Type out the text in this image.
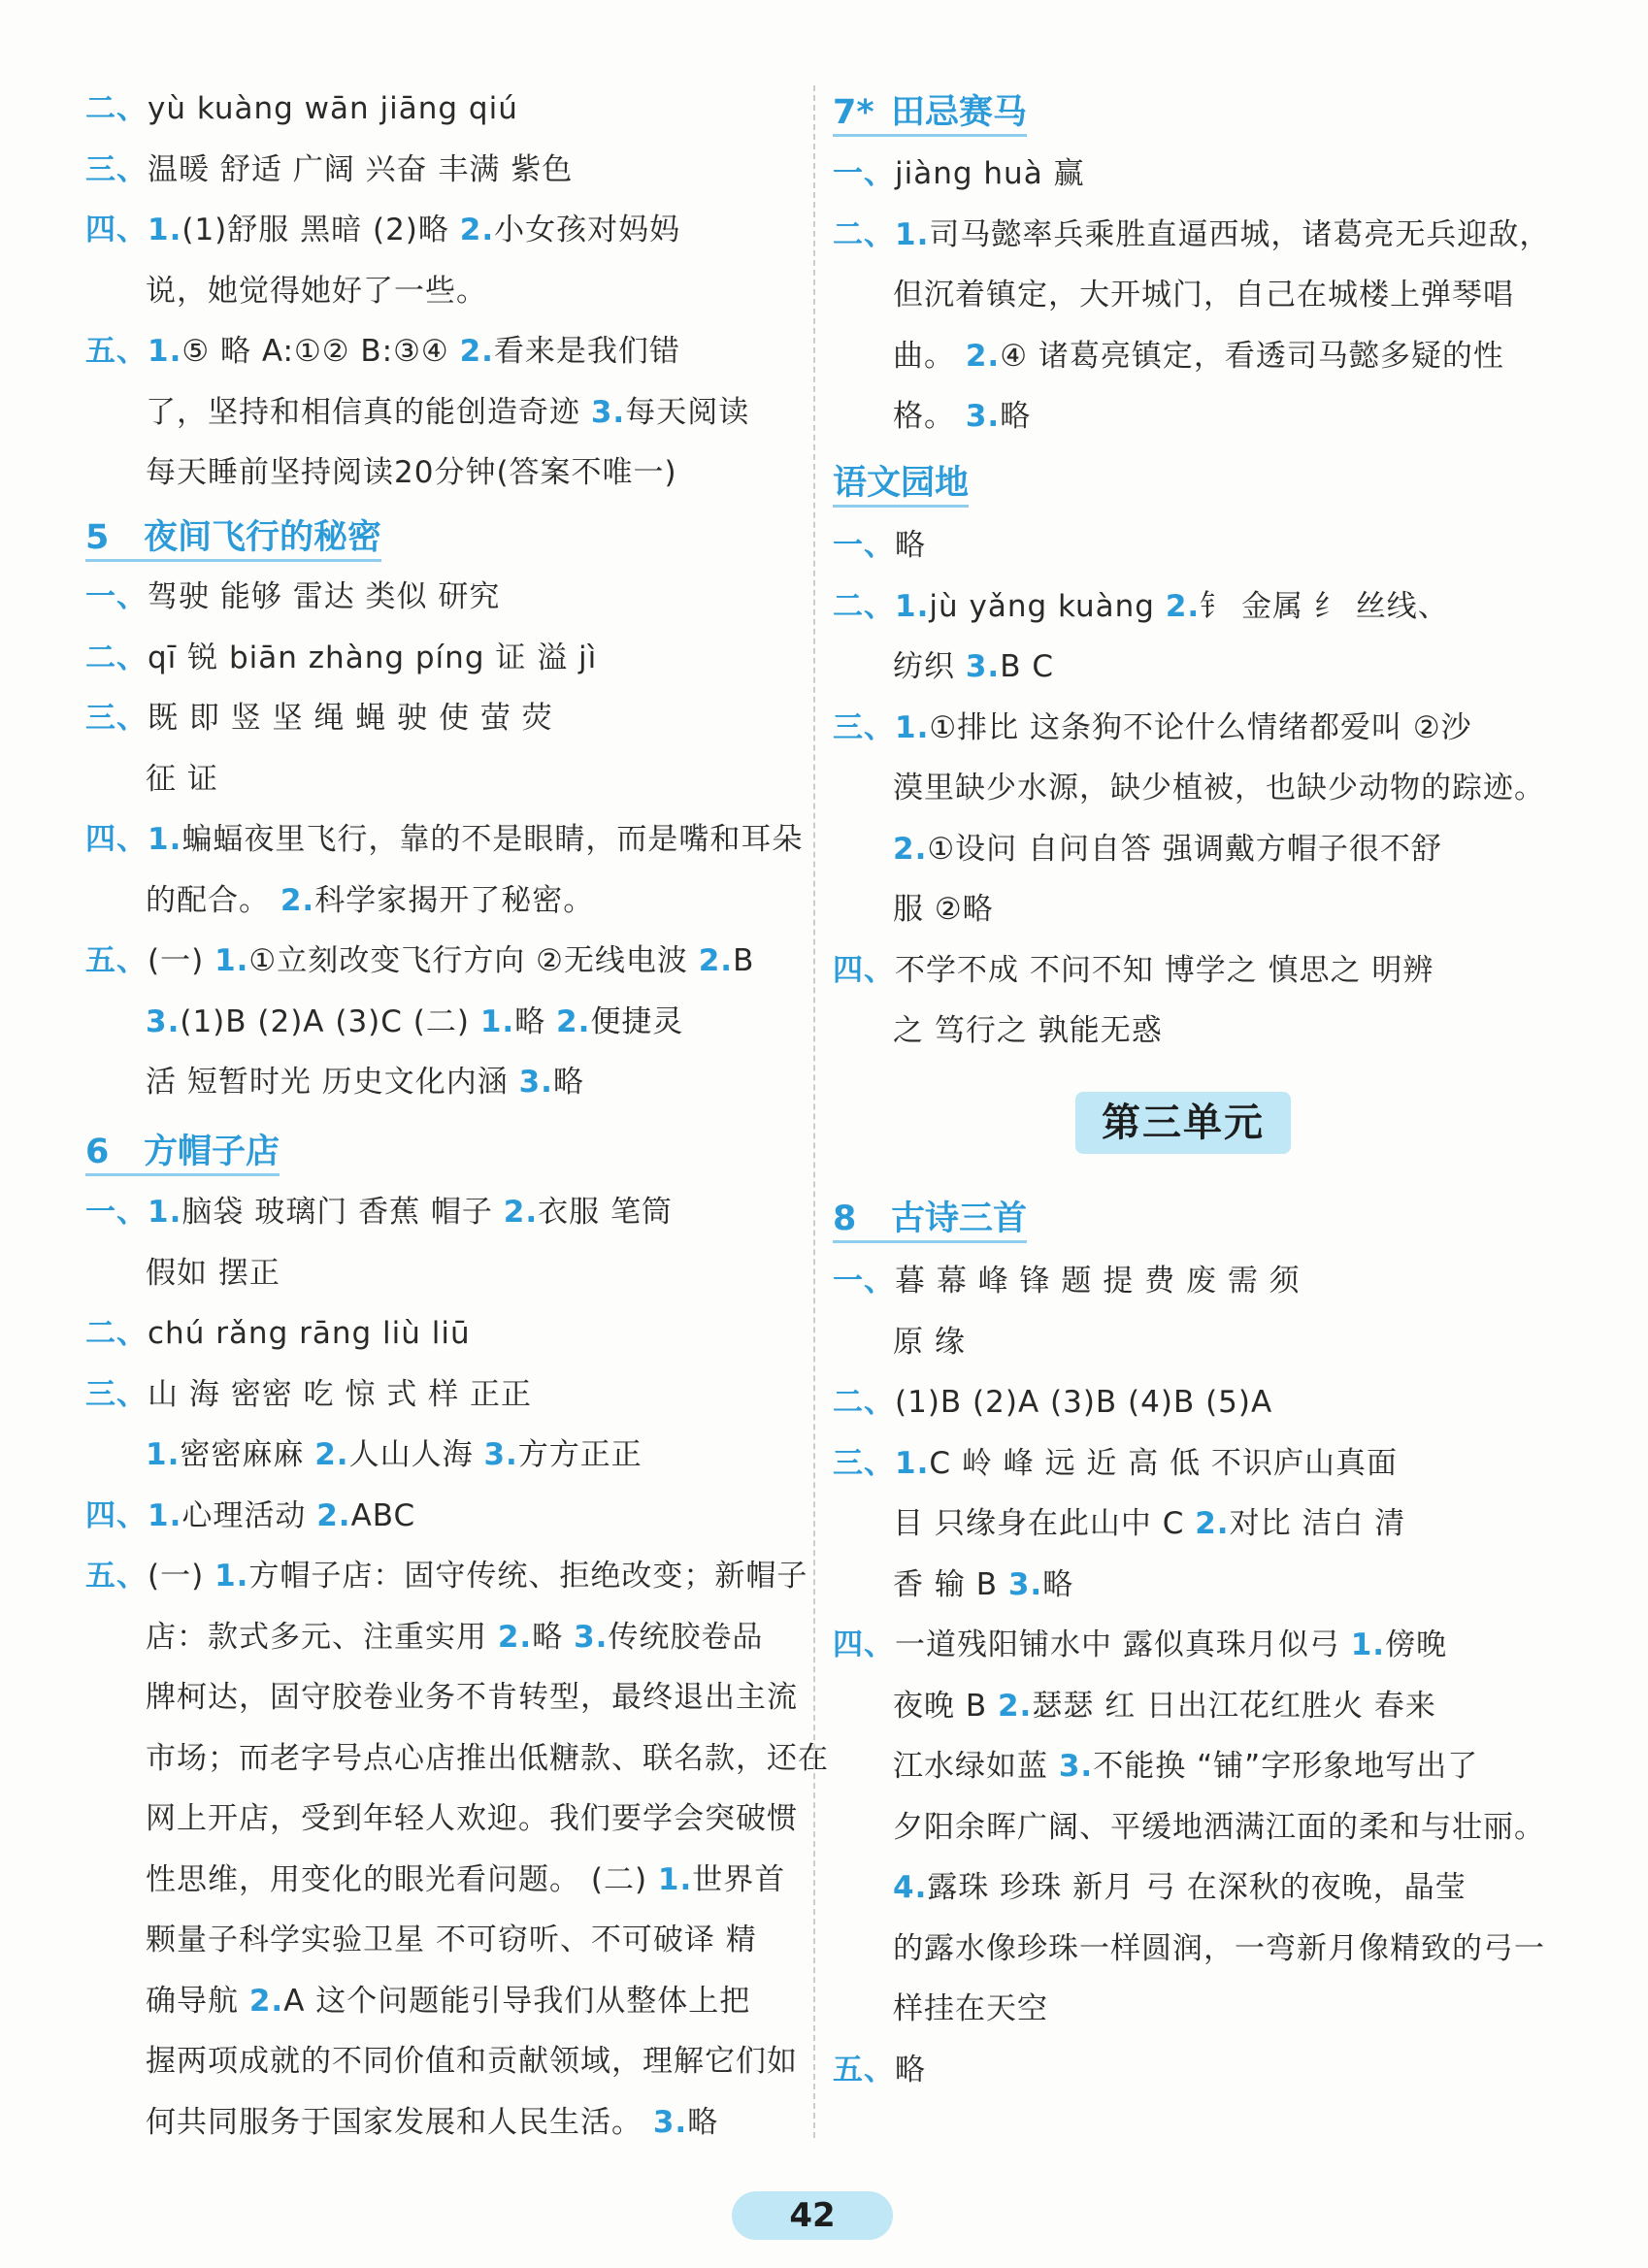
二、yù kuàng wān jiāng qiú
三、温暖 舒适 广阔 兴奋 丰满 紫色
四、1.(1)舒服 黑暗 (2)略 2.小女孩对妈妈
说，她觉得她好了一些。
五、1.⑤ 略 A:①② B:③④ 2.看来是我们错
了，坚持和相信真的能创造奇迹 3.每天阅读
每天睡前坚持阅读20分钟(答案不唯一)
5 夜间飞行的秘密
一、驾驶 能够 雷达 类似 研究
二、qī 锐 biān zhàng píng 证 溢 jì
三、既 即 竖 坚 绳 蝇 驶 使 萤 荧
征 证
四、1.蝙蝠夜里飞行，靠的不是眼睛，而是嘴和耳朵
的配合。 2.科学家揭开了秘密。
五、(一) 1.①立刻改变飞行方向 ②无线电波 2.B
3.(1)B (2)A (3)C (二) 1.略 2.便捷灵
活 短暂时光 历史文化内涵 3.略
6 方帽子店
一、1.脑袋 玻璃门 香蕉 帽子 2.衣服 笔筒
假如 摆正
二、chú rǎng rāng liù liū
三、山 海 密密 吃 惊 式 样 正正
1.密密麻麻 2.人山人海 3.方方正正
四、1.心理活动 2.ABC
五、(一) 1.方帽子店：固守传统、拒绝改变；新帽子
店：款式多元、注重实用 2.略 3.传统胶卷品
牌柯达，固守胶卷业务不肯转型，最终退出主流
市场；而老字号点心店推出低糖款、联名款，还在
网上开店，受到年轻人欢迎。我们要学会突破惯
性思维，用变化的眼光看问题。 (二) 1.世界首
颗量子科学实验卫星 不可窃听、不可破译 精
确导航 2.A 这个问题能引导我们从整体上把
握两项成就的不同价值和贡献领域，理解它们如
何共同服务于国家发展和人民生活。 3.略
7* 田忌赛马
一、jiàng huà 赢
二、1.司马懿率兵乘胜直逼西城，诸葛亮无兵迎敌，
但沉着镇定，大开城门，自己在城楼上弹琴唱
曲。 2.④ 诸葛亮镇定，看透司马懿多疑的性
格。 3.略
语文园地
一、略
二、1.jù yǎng kuàng 2.钅 金属 纟 丝线、
纺织 3.B C
三、1.①排比 这条狗不论什么情绪都爱叫 ②沙
漠里缺少水源，缺少植被，也缺少动物的踪迹。
2.①设问 自问自答 强调戴方帽子很不舒
服 ②略
四、不学不成 不问不知 博学之 慎思之 明辨
之 笃行之 孰能无惑
8 古诗三首
一、暮 幕 峰 锋 题 提 费 废 需 须
原 缘
二、(1)B (2)A (3)B (4)B (5)A
三、1.C 岭 峰 远 近 高 低 不识庐山真面
目 只缘身在此山中 C 2.对比 洁白 清
香 输 B 3.略
四、一道残阳铺水中 露似真珠月似弓 1.傍晚
夜晚 B 2.瑟瑟 红 日出江花红胜火 春来
江水绿如蓝 3.不能换 “铺”字形象地写出了
夕阳余晖广阔、平缓地洒满江面的柔和与壮丽。
4.露珠 珍珠 新月 弓 在深秋的夜晚，晶莹
的露水像珍珠一样圆润，一弯新月像精致的弓一
样挂在天空
五、略
第三单元
42
